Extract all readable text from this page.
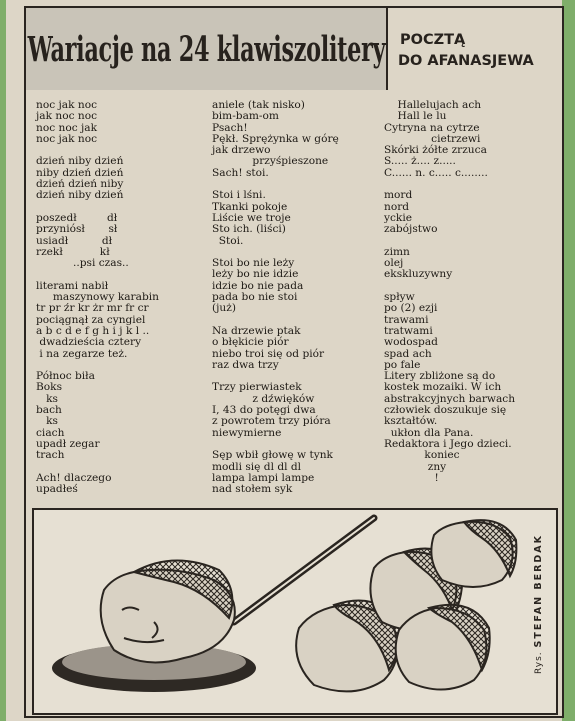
Wariacje na 24 klawiszolitery	POCZTĄ
DO AFANASJEWA
noc jak noc
jak noc noc
noc noc jak
noc jak noc
dzień niby dzień
niby dzień dzień
dzień dzień niby
dzień niby dzień
poszedł         dł
przyniósł       sł
usiadł          dł
rzekł           kł
..psi czas..
literami nabił
maszynowy karabin
tr pr źr kr żr mr fr cr
pociągnął za cyngiel
a b c d e f g h i j k l ..
dwadzieścia cztery
i na zegarze też.
Północ biła
Boks
ks
bach
ks
ciach
upadł zegar
trach
Ach! dlaczego
upadłeś
aniele (tak nisko)
bim-bam-om
Psach!
Pękł. Sprężynka w górę
jak drzewo
przyśpieszone
Sach! stoi.
Stoi i lśni.
Tkanki pokoje
Liście we troje
Sto ich. (liści)
Stoi.
Stoi bo nie leży
leży bo nie idzie
idzie bo nie pada
pada bo nie stoi
(już)
Na drzewie ptak
o błękicie piór
niebo troi się od piór
raz dwa trzy
Trzy pierwiastek
z dźwięków
I, 43 do potęgi dwa
z powrotem trzy pióra
niewymierne
Sęp wbił głowę w tynk
modli się dl dl dl
lampa lampi lampe
nad stołem syk
Hallelujach ach
Hall le lu
Cytryna na cytrze
cietrzewi
Skórki żółte zrzuca
S..... ż.... z.....
C...... n. c..... c........
mord
nord
yckie
zabójstwo
zimn
olej
ekskluzywny
spływ
po (2) ezji
trawami
tratwami
wodospad
spad ach
po fale
Litery zbliżone są do
kostek mozaiki. W ich
abstrakcyjnych barwach
człowiek doszukuje się
kształtów.
ukłon dla Pana.
Redaktora i Jego dzieci.
koniec
zny
!
Rys. STEFAN BERDAK
